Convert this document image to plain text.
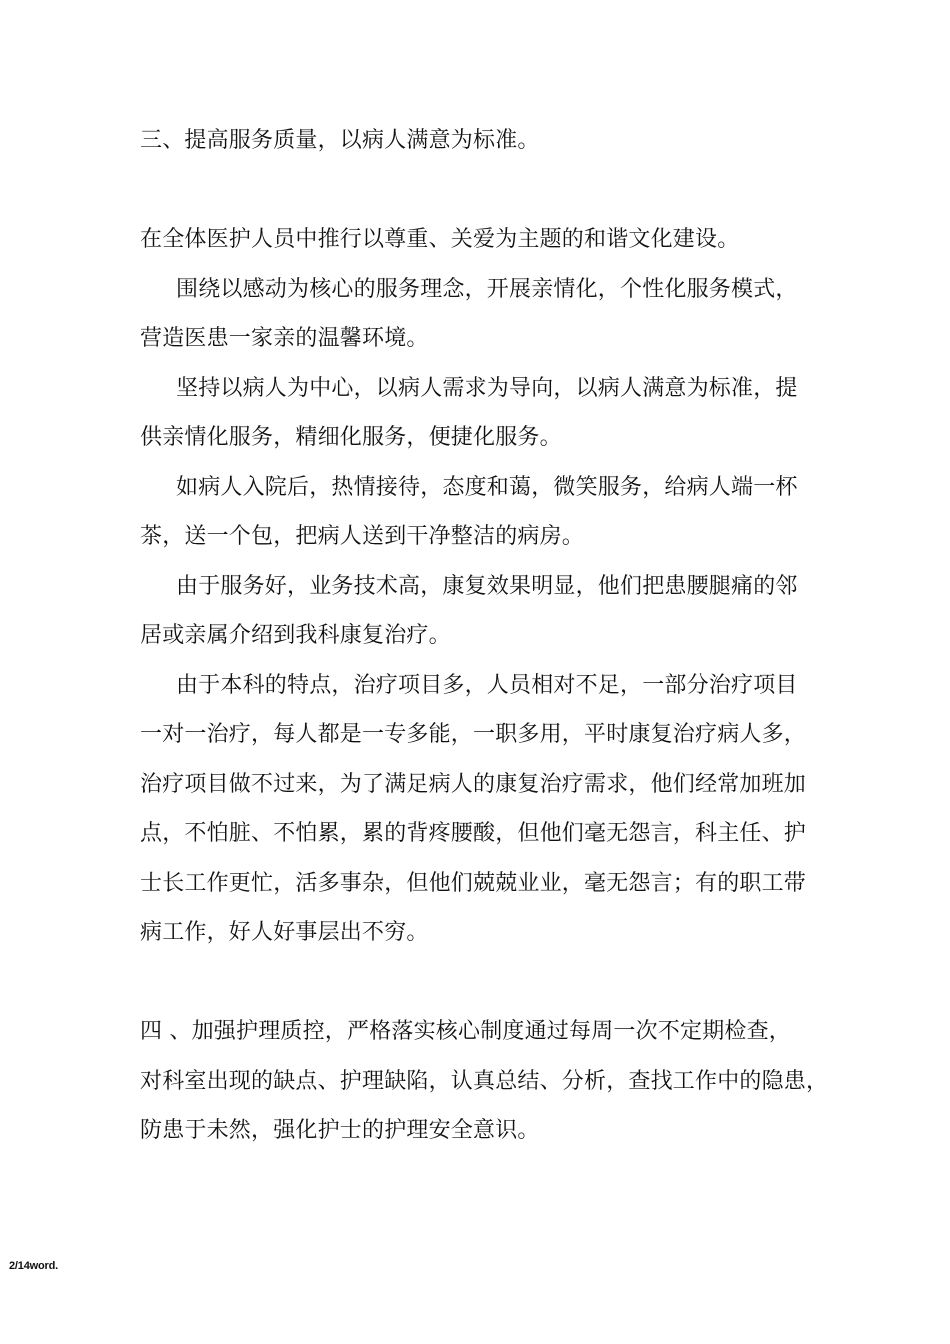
三、提高服务质量，以病人满意为标准。
在全体医护人员中推行以尊重、关爱为主题的和谐文化建设。
围绕以感动为核心的服务理念，开展亲情化，个性化服务模式，
营造医患一家亲的温馨环境。
坚持以病人为中心，以病人需求为导向，以病人满意为标准，提
供亲情化服务，精细化服务，便捷化服务。
如病人入院后，热情接待，态度和蔼，微笑服务，给病人端一杯
茶，送一个包，把病人送到干净整洁的病房。
由于服务好，业务技术高，康复效果明显，他们把患腰腿痛的邻
居或亲属介绍到我科康复治疗。
由于本科的特点，治疗项目多，人员相对不足，一部分治疗项目
一对一治疗，每人都是一专多能，一职多用，平时康复治疗病人多，
治疗项目做不过来，为了满足病人的康复治疗需求，他们经常加班加
点，不怕脏、不怕累，累的背疼腰酸，但他们毫无怨言，科主任、护
士长工作更忙，活多事杂，但他们兢兢业业，毫无怨言；有的职工带
病工作，好人好事层出不穷。
四 、加强护理质控，严格落实核心制度通过每周一次不定期检查，
对科室出现的缺点、护理缺陷，认真总结、分析，查找工作中的隐患，
防患于未然，强化护士的护理安全意识。
2/14word.
